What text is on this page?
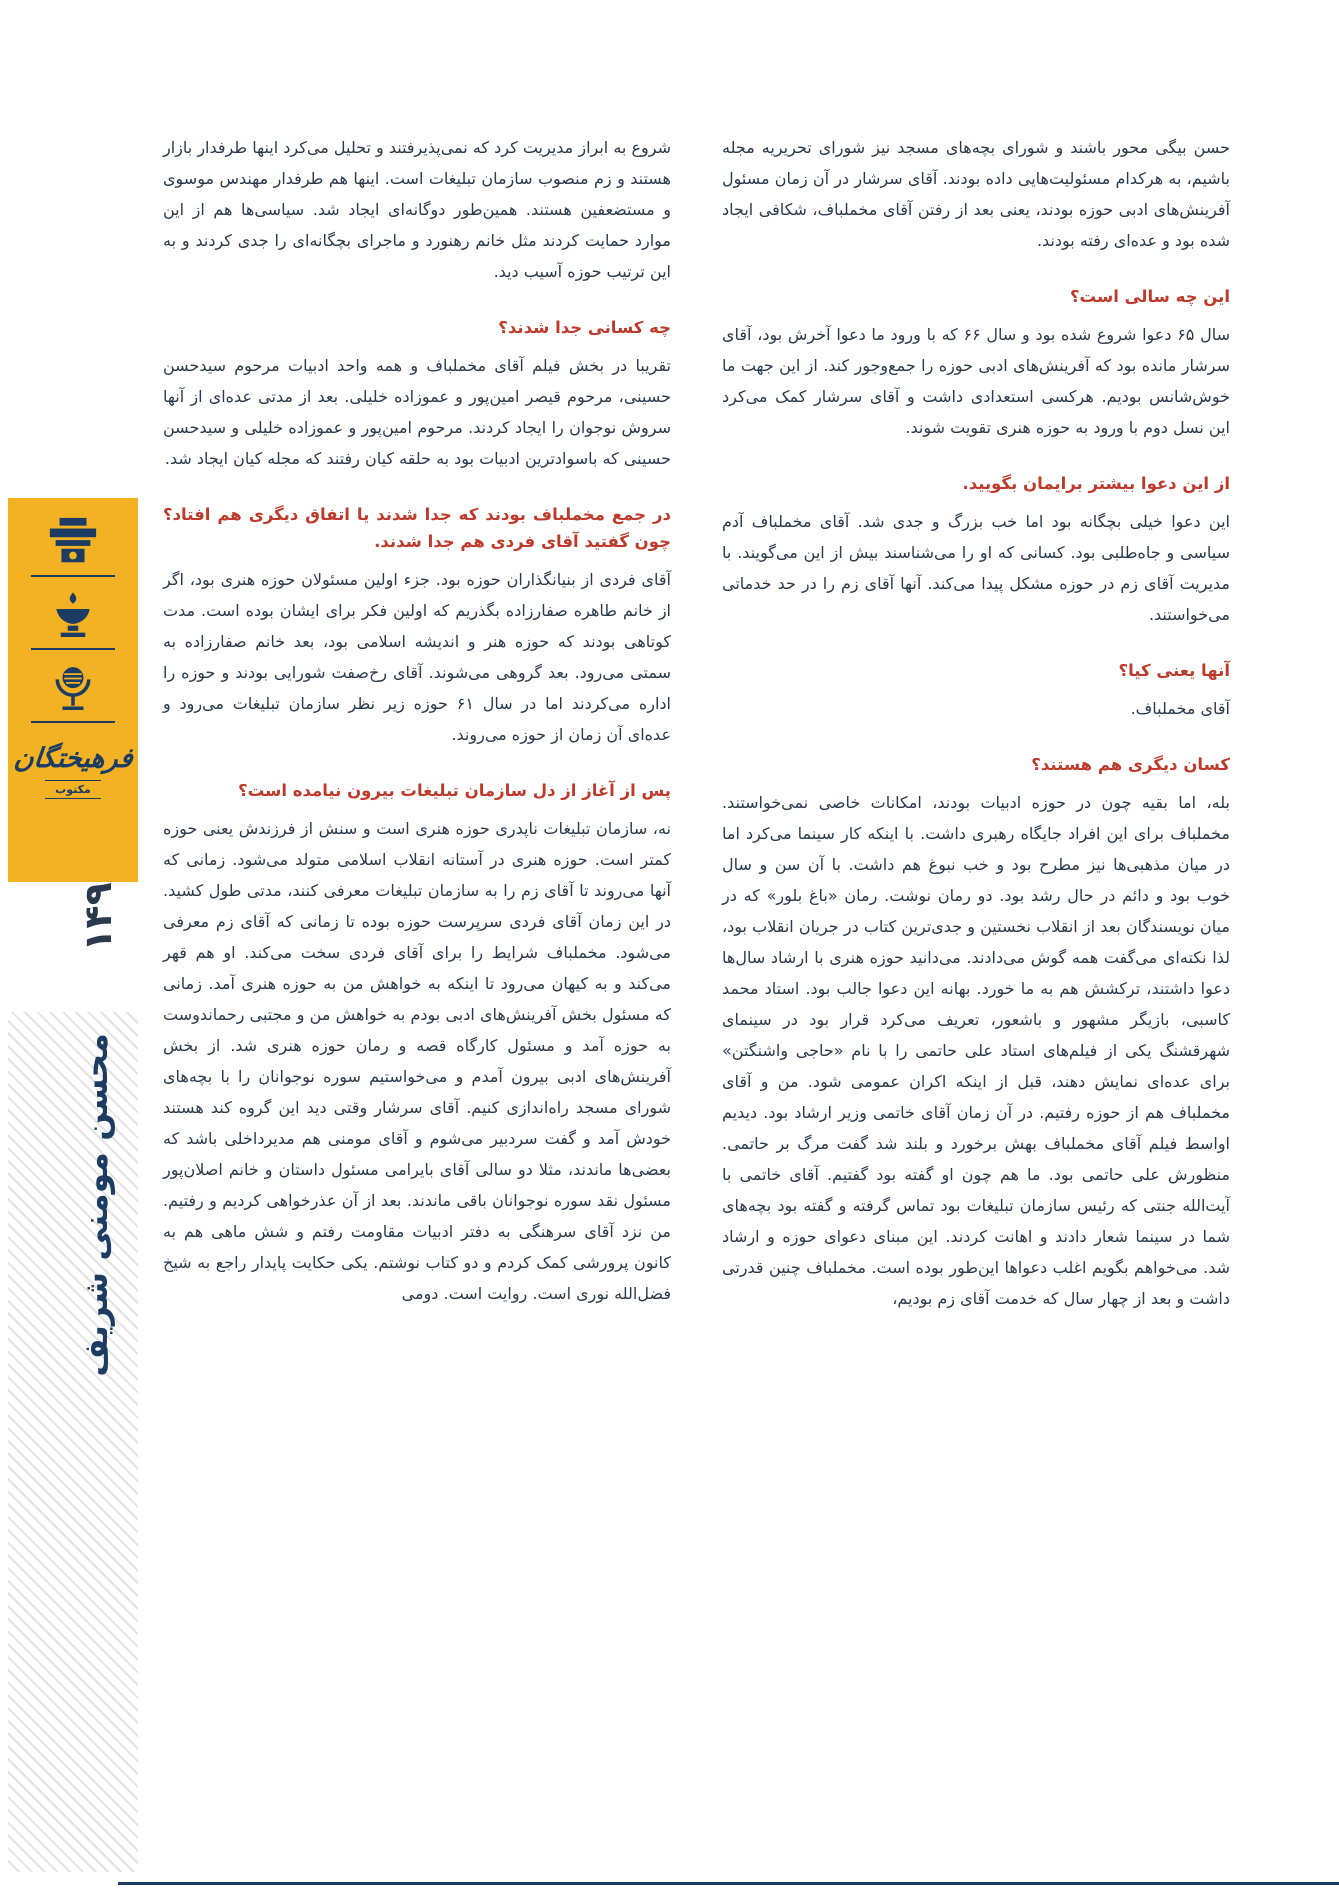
حسن بیگی محور باشند و شورای بچه‌های مسجد نیز شورای تحریریه مجله باشیم، به هرکدام مسئولیت‌هایی داده بودند. آقای سرشار در آن زمان مسئول آفرینش‌های ادبی حوزه بودند، یعنی بعد از رفتن آقای مخملباف، شکافی ایجاد شده بود و عده‌ای رفته بودند.

این چه سالی است؟

سال ۶۵ دعوا شروع شده بود و سال ۶۶ که با ورود ما دعوا آخرش بود، آقای سرشار مانده بود که آفرینش‌های ادبی حوزه را جمع‌وجور کند. از این جهت ما خوش‌شانس بودیم. هرکسی استعدادی داشت و آقای سرشار کمک می‌کرد این نسل دوم با ورود به حوزه هنری تقویت شوند.

از این دعوا بیشتر برایمان بگویید.

این دعوا خیلی بچگانه بود اما خب بزرگ و جدی شد. آقای مخملباف آدم سیاسی و جاه‌طلبی بود. کسانی که او را می‌شناسند بیش از این می‌گویند. با مدیریت آقای زم در حوزه مشکل پیدا می‌کند. آنها آقای زم را در حد خدماتی می‌خواستند.

آنها یعنی کیا؟

آقای مخملباف.

کسان دیگری هم هستند؟

بله، اما بقیه چون در حوزه ادبیات بودند، امکانات خاصی نمی‌خواستند. مخملباف برای این افراد جایگاه رهبری داشت. با اینکه کار سینما می‌کرد اما در میان مذهبی‌ها نیز مطرح بود و خب نبوغ هم داشت. با آن سن و سال خوب بود و دائم در حال رشد بود. دو رمان نوشت. رمان «باغ بلور» که در میان نویسندگان بعد از انقلاب نخستین و جدی‌ترین کتاب در جریان انقلاب بود، لذا نکته‌ای می‌گفت همه گوش می‌دادند. می‌دانید حوزه هنری با ارشاد سال‌ها دعوا داشتند، ترکشش هم به ما خورد. بهانه این دعوا جالب بود. استاد محمد کاسبی، بازیگر مشهور و باشعور، تعریف می‌کرد قرار بود در سینمای شهرقشنگ یکی از فیلم‌های استاد علی حاتمی را با نام «حاجی واشنگتن» برای عده‌ای نمایش دهند، قبل از اینکه اکران عمومی شود. من و آقای مخملباف هم از حوزه رفتیم. در آن زمان آقای خاتمی وزیر ارشاد بود. دیدیم اواسط فیلم آقای مخملباف بهش برخورد و بلند شد گفت مرگ بر حاتمی. منظورش علی حاتمی بود. ما هم چون او گفته بود گفتیم. آقای خاتمی با آیت‌الله جنتی که رئیس سازمان تبلیغات بود تماس گرفته و گفته بود بچه‌های شما در سینما شعار دادند و اهانت کردند. این مبنای دعوای حوزه و ارشاد شد. می‌خواهم بگویم اغلب دعواها این‌طور بوده است. مخملباف چنین قدرتی داشت و بعد از چهار سال که خدمت آقای زم بودیم،

شروع به ابراز مدیریت کرد که نمی‌پذیرفتند و تحلیل می‌کرد اینها طرفدار بازار هستند و زم منصوب سازمان تبلیغات است. اینها هم طرفدار مهندس موسوی و مستضعفین هستند. همین‌طور دوگانه‌ای ایجاد شد. سیاسی‌ها هم از این موارد حمایت کردند مثل خانم رهنورد و ماجرای بچگانه‌ای را جدی کردند و به این ترتیب حوزه آسیب دید.

چه کسانی جدا شدند؟

تقریبا در بخش فیلم آقای مخملباف و همه واحد ادبیات مرحوم سیدحسن حسینی، مرحوم قیصر امین‌پور و عموزاده خلیلی. بعد از مدتی عده‌ای از آنها سروش نوجوان را ایجاد کردند. مرحوم امین‌پور و عموزاده خلیلی و سیدحسن حسینی که باسوادترین ادبیات بود به حلقه کیان رفتند که مجله کیان ایجاد شد.

در جمع مخملباف بودند که جدا شدند یا اتفاق دیگری هم افتاد؟ چون گفتید آقای فردی هم جدا شدند.

آقای فردی از بنیانگذاران حوزه بود. جزء اولین مسئولان حوزه هنری بود، اگر از خانم طاهره صفارزاده بگذریم که اولین فکر برای ایشان بوده است. مدت کوتاهی بودند که حوزه هنر و اندیشه اسلامی بود، بعد خانم صفارزاده به سمتی می‌رود. بعد گروهی می‌شوند. آقای رخ‌صفت شورایی بودند و حوزه را اداره می‌کردند اما در سال ۶۱ حوزه زیر نظر سازمان تبلیغات می‌رود و عده‌ای آن زمان از حوزه می‌روند.

پس از آغاز از دل سازمان تبلیغات بیرون نیامده است؟

نه، سازمان تبلیغات ناپدری حوزه هنری است و سنش از فرزندش یعنی حوزه کمتر است. حوزه هنری در آستانه انقلاب اسلامی متولد می‌شود. زمانی که آنها می‌روند تا آقای زم را به سازمان تبلیغات معرفی کنند، مدتی طول کشید. در این زمان آقای فردی سرپرست حوزه بوده تا زمانی که آقای زم معرفی می‌شود. مخملباف شرایط را برای آقای فردی سخت می‌کند. او هم قهر می‌کند و به کیهان می‌رود تا اینکه به خواهش من به حوزه هنری آمد. زمانی که مسئول بخش آفرینش‌های ادبی بودم به خواهش من و مجتبی رحماندوست به حوزه آمد و مسئول کارگاه قصه و رمان حوزه هنری شد. از بخش آفرینش‌های ادبی بیرون آمدم و می‌خواستیم سوره نوجوانان را با بچه‌های شورای مسجد راه‌اندازی کنیم. آقای سرشار وقتی دید این گروه کند هستند خودش آمد و گفت سردبیر می‌شوم و آقای مومنی هم مدیرداخلی باشد که بعضی‌ها ماندند، مثلا دو سالی آقای بایرامی مسئول داستان و خانم اصلان‌پور مسئول نقد سوره نوجوانان باقی ماندند. بعد از آن عذرخواهی کردیم و رفتیم. من نزد آقای سرهنگی به دفتر ادبیات مقاومت رفتم و شش ماهی هم به کانون پرورشی کمک کردم و دو کتاب نوشتم. یکی حکایت پایدار راجع به شیخ فضل‌الله نوری است. روایت است. دومی

فرهیختگان
مکتوب
۱۴۹
محسن مومنی شریف
